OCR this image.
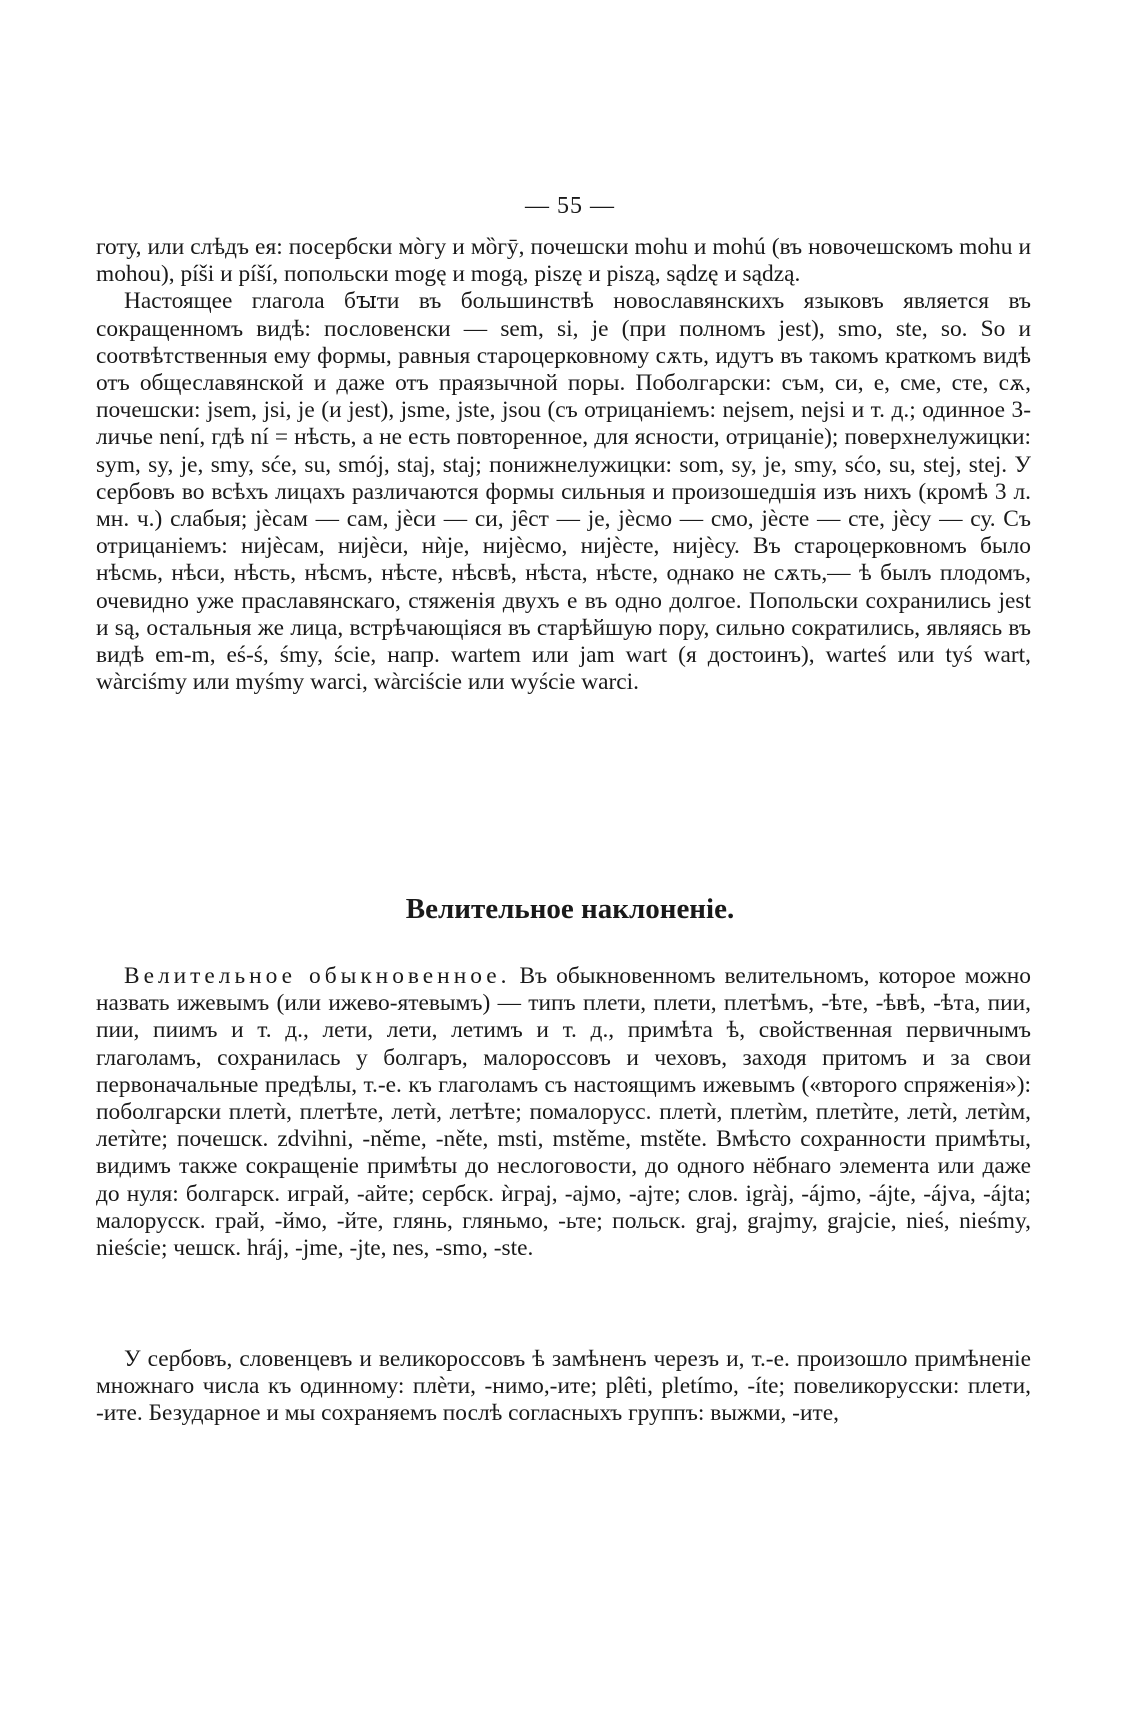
— 55 —

готу, или слѣдъ ея: посербски мòгу и мȍгӯ, почешски mohu и mohú (въ новочешскомъ mohu и mohou), píši и píší, попольски mogę и mogą, piszę и piszą, sądzę и sądzą.

Настоящее глагола бꙑти въ большинствѣ новославянскихъ языковъ является въ сокращенномъ видѣ: пословенски — sem, si, je (при полномъ jest), smo, ste, so. So и соотвѣтственныя ему формы, равныя староцерковному сѫть, идутъ въ такомъ краткомъ видѣ отъ общеславянской и даже отъ праязычной поры. Поболгарски: съм, си, е, сме, сте, сѫ, почешски: jsem, jsi, je (и jest), jsme, jste, jsou (съ отрицаніемъ: nejsem, nejsi и т. д.; одинное 3-личье není, гдѣ ní = нѣсть, а не есть повторенное, для ясности, отрицаніе); поверхнелужицки: sym, sy, je, smy, sće, su, smój, staj, staj; понижнелужицки: som, sy, je, smy, sćo, su, stej, stej. У сербовъ во всѣхъ лицахъ различаются формы сильныя и произошедшія изъ нихъ (кромѣ 3 л. мн. ч.) слабыя; jèсам — сам, jèси — си, jȇст — je, jèсмо — смо, jèсте — сте, jèсу — су. Съ отрицаніемъ: нијèсам, нијèси, нѝје, нијèсмо, нијèсте, нијèсу. Въ староцерковномъ было нѣсмь, нѣси, нѣсть, нѣсмъ, нѣсте, нѣсвѣ, нѣста, нѣсте, однако не сѫть,— ѣ былъ плодомъ, очевидно уже праславянскаго, стяженія двухъ е въ одно долгое. Попольски сохранились jest и są, остальныя же лица, встрѣчающіяся въ старѣйшую пору, сильно сократились, являясь въ видѣ em-m, eś-ś, śmy, ście, напр. wartem или jam wart (я достоинъ), warteś или tyś wart, wàrciśmy или myśmy warci, wàrciście или wyście warci.

Велительное наклоненіе.

Велительное обыкновенное. Въ обыкновенномъ велительномъ, которое можно назвать ижевымъ (или ижево-ятевымъ) — типъ плети, плети, плетѣмъ, -ѣте, -ѣвѣ, -ѣта, пии, пии, пиимъ и т. д., лети, лети, летимъ и т. д., примѣта ѣ, свойственная первичнымъ глаголамъ, сохранилась у болгаръ, малороссовъ и чеховъ, заходя притомъ и за свои первоначальные предѣлы, т.-е. къ глаголамъ съ настоящимъ ижевымъ («второго спряженія»): поболгарски плетѝ, плетѣте, летѝ, летѣте; помалорусс. плетѝ, плетѝм, плетѝте, летѝ, летѝм, летѝте; почешск. zdvihni, -něme, -něte, msti, mstěme, mstěte. Вмѣсто сохранности примѣты, видимъ также сокращеніе примѣты до неслоговости, до одного нёбнаго элемента или даже до нуля: болгарск. играй, -айте; сербск. ѝграј, -ајмо, -ајте; слов. igràj, -ájmo, -ájte, -ájva, -ájta; малорусск. грай, -ймо, -йте, глянь, гляньмо, -ьте; польск. graj, grajmy, grajcie, nieś, nieśmy, nieście; чешск. hráj, -jme, -jte, nes, -smo, -ste.

У сербовъ, словенцевъ и великороссовъ ѣ замѣненъ черезъ и, т.-е. произошло примѣненіе множнаго числа къ одинному: плѐти, -нимо,-ите; plêti, pletímo, -íte; повеликорусски: плети, -ите. Безударное и мы сохраняемъ послѣ согласныхъ группъ: выжми, -ите,
